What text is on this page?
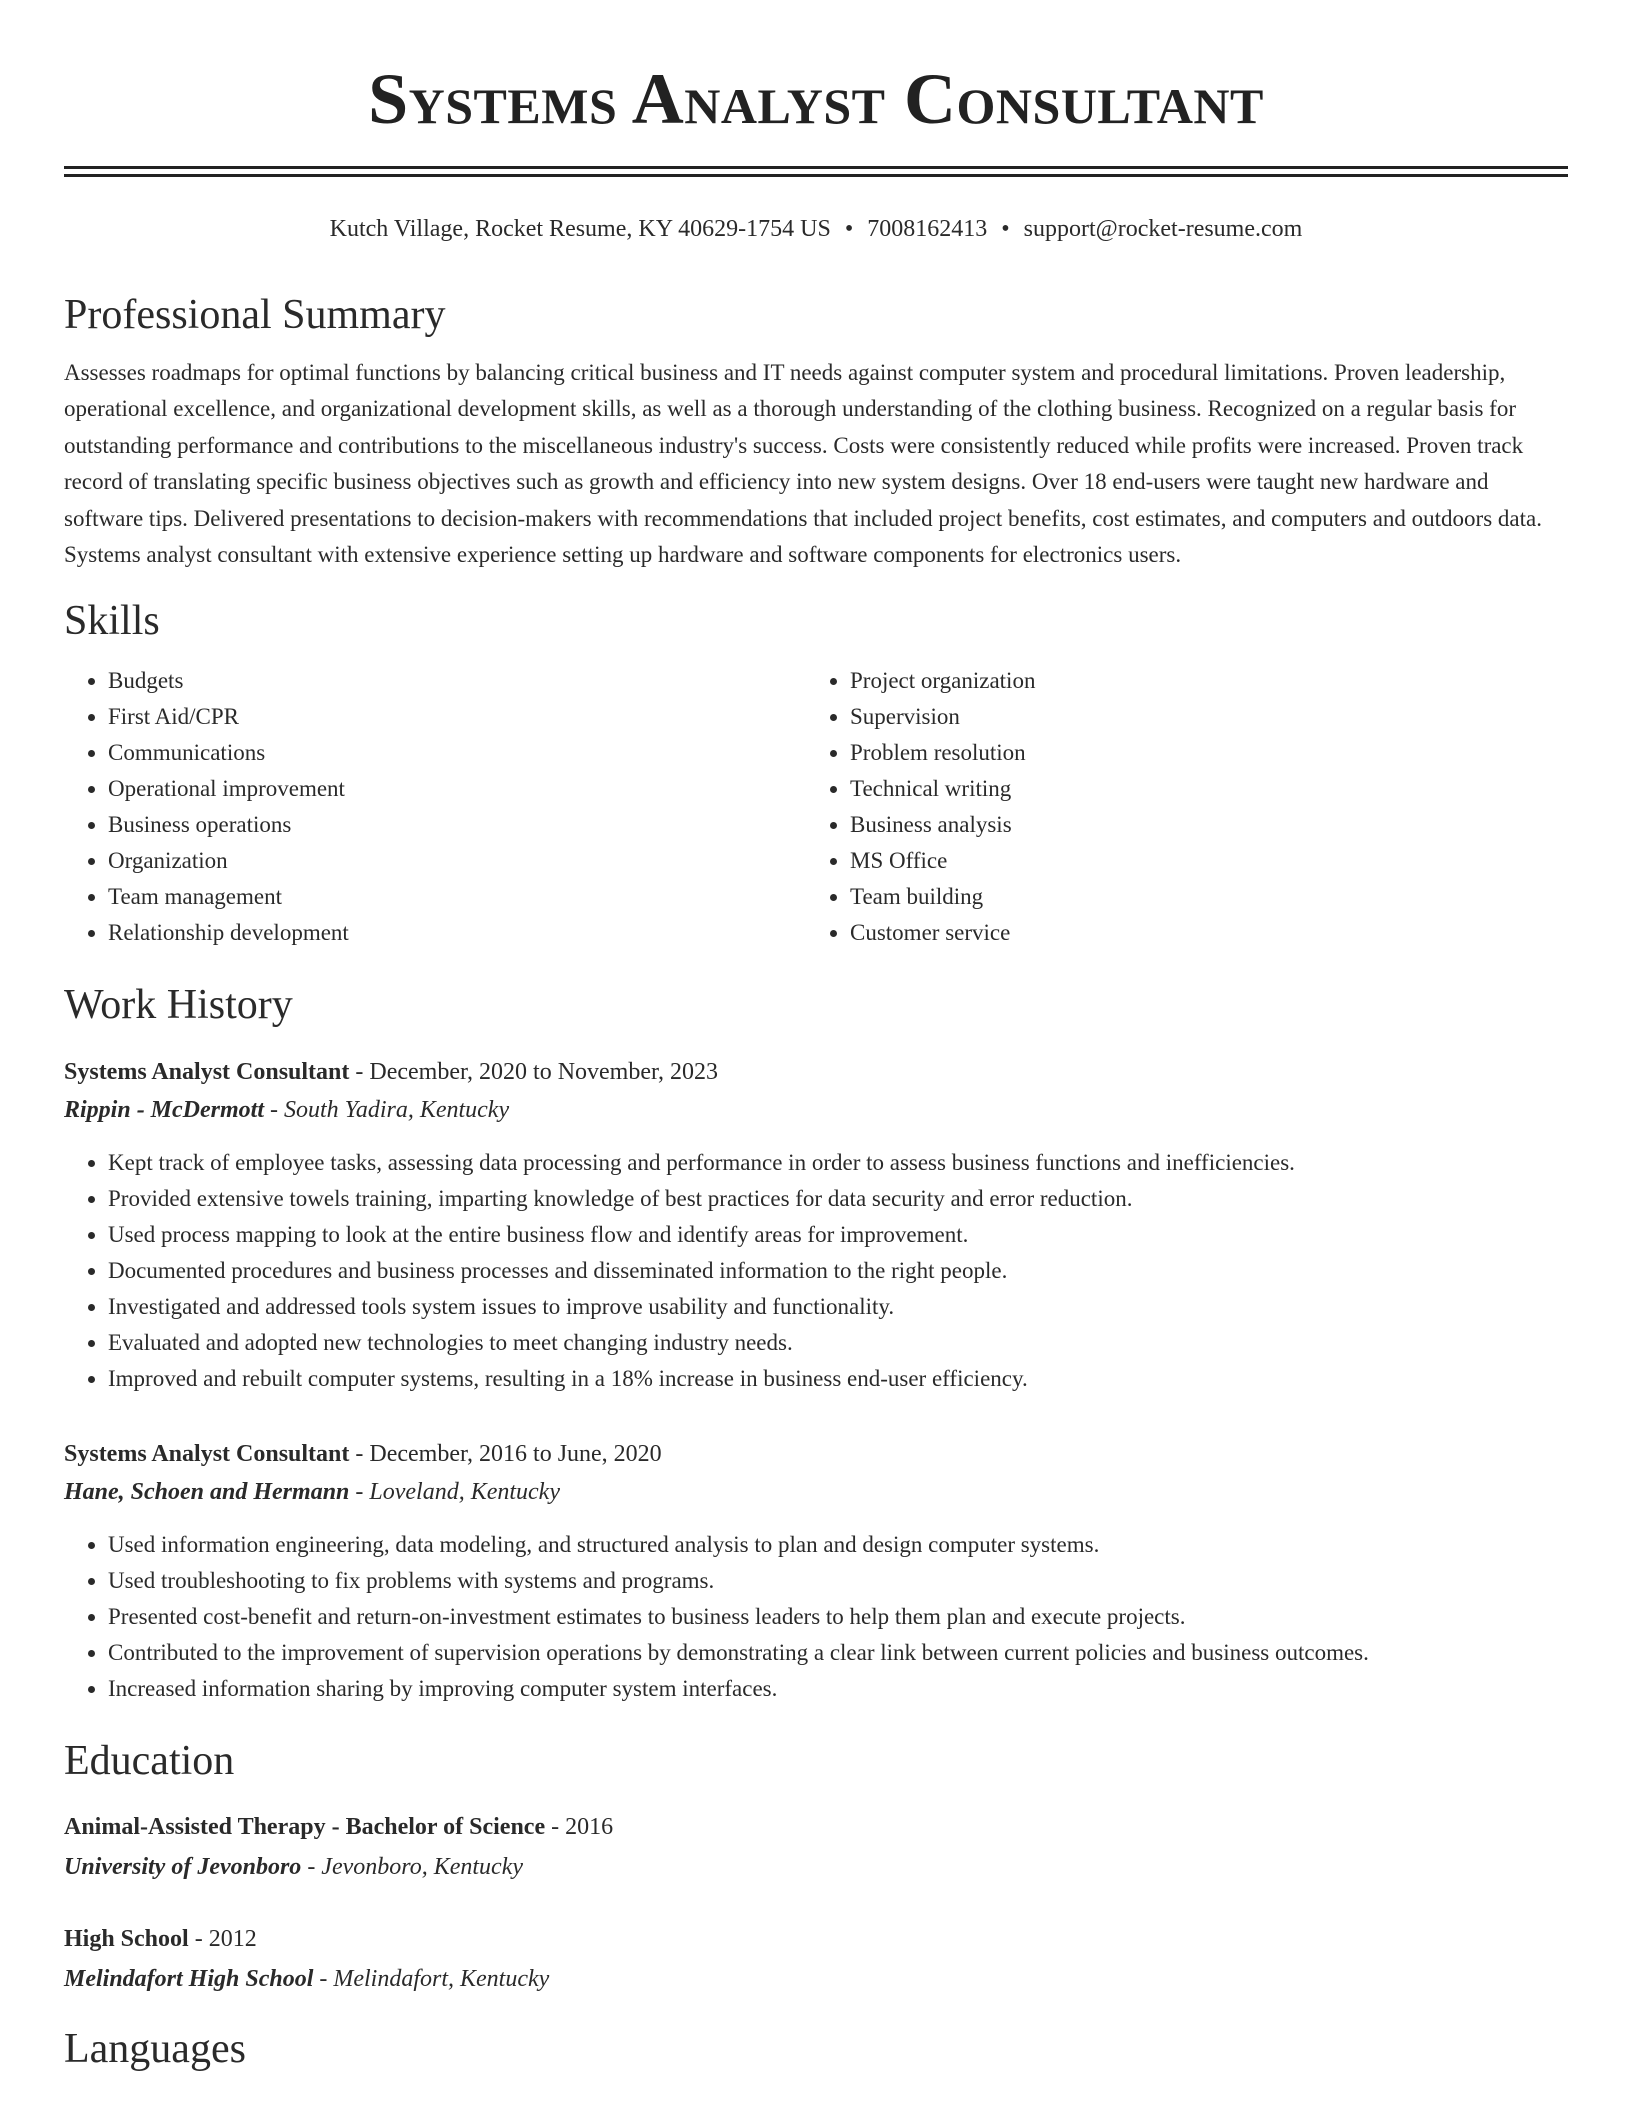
Systems Analyst Consultant
Kutch Village, Rocket Resume, KY 40629-1754 US • 7008162413 • support@rocket-resume.com
Professional Summary
Assesses roadmaps for optimal functions by balancing critical business and IT needs against computer system and procedural limitations. Proven leadership, operational excellence, and organizational development skills, as well as a thorough understanding of the clothing business. Recognized on a regular basis for outstanding performance and contributions to the miscellaneous industry's success. Costs were consistently reduced while profits were increased. Proven track record of translating specific business objectives such as growth and efficiency into new system designs. Over 18 end-users were taught new hardware and software tips. Delivered presentations to decision-makers with recommendations that included project benefits, cost estimates, and computers and outdoors data. Systems analyst consultant with extensive experience setting up hardware and software components for electronics users.
Skills
• Budgets
• First Aid/CPR
• Communications
• Operational improvement
• Business operations
• Organization
• Team management
• Relationship development
• Project organization
• Supervision
• Problem resolution
• Technical writing
• Business analysis
• MS Office
• Team building
• Customer service
Work History
Systems Analyst Consultant - December, 2020 to November, 2023
Rippin - McDermott - South Yadira, Kentucky
• Kept track of employee tasks, assessing data processing and performance in order to assess business functions and inefficiencies.
• Provided extensive towels training, imparting knowledge of best practices for data security and error reduction.
• Used process mapping to look at the entire business flow and identify areas for improvement.
• Documented procedures and business processes and disseminated information to the right people.
• Investigated and addressed tools system issues to improve usability and functionality.
• Evaluated and adopted new technologies to meet changing industry needs.
• Improved and rebuilt computer systems, resulting in a 18% increase in business end-user efficiency.
Systems Analyst Consultant - December, 2016 to June, 2020
Hane, Schoen and Hermann - Loveland, Kentucky
• Used information engineering, data modeling, and structured analysis to plan and design computer systems.
• Used troubleshooting to fix problems with systems and programs.
• Presented cost-benefit and return-on-investment estimates to business leaders to help them plan and execute projects.
• Contributed to the improvement of supervision operations by demonstrating a clear link between current policies and business outcomes.
• Increased information sharing by improving computer system interfaces.
Education
Animal-Assisted Therapy - Bachelor of Science - 2016
University of Jevonboro - Jevonboro, Kentucky
High School - 2012
Melindafort High School - Melindafort, Kentucky
Languages
